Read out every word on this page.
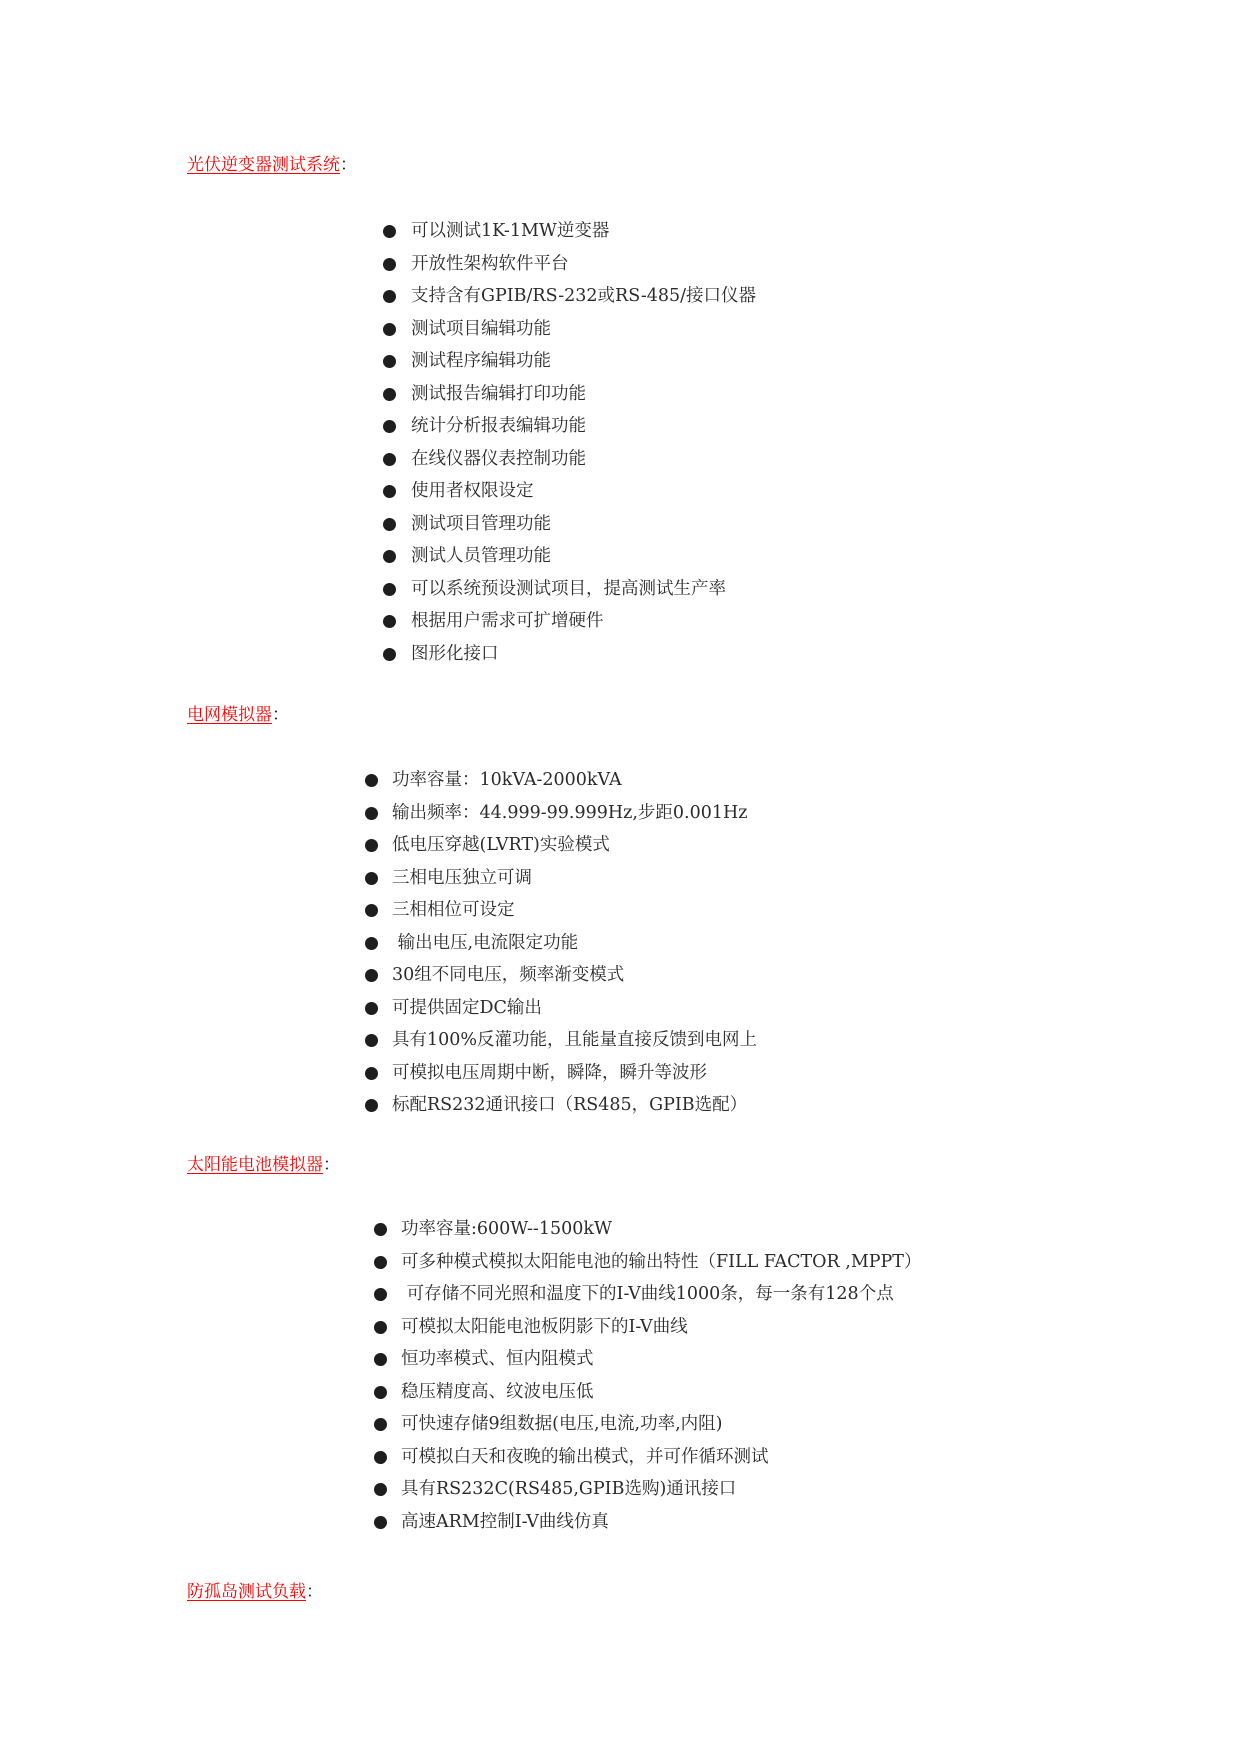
光伏逆变器测试系统：
可以测试1K-1MW逆变器
开放性架构软件平台
支持含有GPIB/RS-232或RS-485/接口仪器
测试项目编辑功能
测试程序编辑功能
测试报告编辑打印功能
统计分析报表编辑功能
在线仪器仪表控制功能
使用者权限设定
测试项目管理功能
测试人员管理功能
可以系统预设测试项目，提高测试生产率
根据用户需求可扩增硬件
图形化接口
电网模拟器：
功率容量：10kVA-2000kVA
输出频率：44.999-99.999Hz,步距0.001Hz
低电压穿越(LVRT)实验模式
三相电压独立可调
三相相位可设定
输出电压,电流限定功能
30组不同电压，频率渐变模式
可提供固定DC输出
具有100%反灌功能，且能量直接反馈到电网上
可模拟电压周期中断，瞬降，瞬升等波形
标配RS232通讯接口（RS485，GPIB选配）
太阳能电池模拟器：
功率容量:600W--1500kW
可多种模式模拟太阳能电池的输出特性（FILL FACTOR ,MPPT）
可存储不同光照和温度下的I-V曲线1000条，每一条有128个点
可模拟太阳能电池板阴影下的I-V曲线
恒功率模式、恒内阻模式
稳压精度高、纹波电压低
可快速存储9组数据(电压,电流,功率,内阻)
可模拟白天和夜晚的输出模式，并可作循环测试
具有RS232C(RS485,GPIB选购)通讯接口
高速ARM控制I-V曲线仿真
防孤岛测试负载：
